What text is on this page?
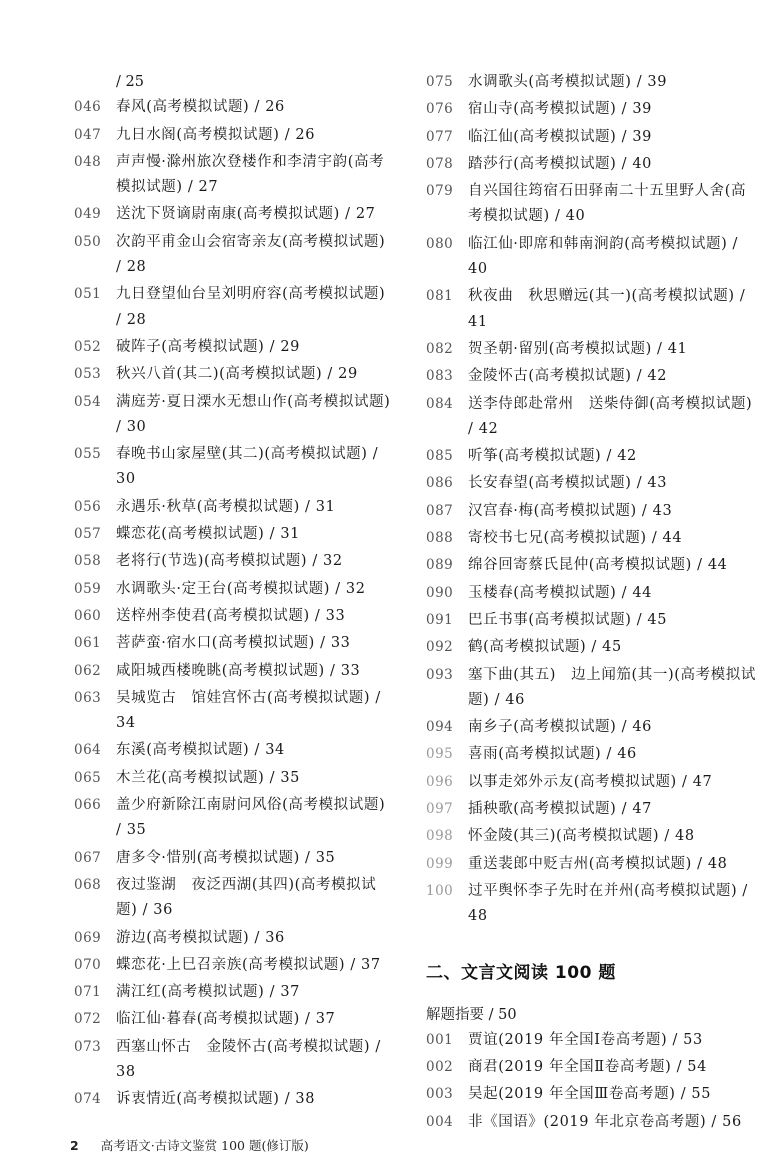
/ 25
046	春风(高考模拟试题) / 26
047	九日水阁(高考模拟试题) / 26
048	声声慢·滁州旅次登楼作和李清宇韵(高考模拟试题) / 27
049	送沈下贤谪尉南康(高考模拟试题) / 27
050	次韵平甫金山会宿寄亲友(高考模拟试题) / 28
051	九日登望仙台呈刘明府容(高考模拟试题) / 28
052	破阵子(高考模拟试题) / 29
053	秋兴八首(其二)(高考模拟试题) / 29
054	满庭芳·夏日溧水无想山作(高考模拟试题) / 30
055	春晚书山家屋壁(其二)(高考模拟试题) / 30
056	永遇乐·秋草(高考模拟试题) / 31
057	蝶恋花(高考模拟试题) / 31
058	老将行(节选)(高考模拟试题) / 32
059	水调歌头·定王台(高考模拟试题) / 32
060	送梓州李使君(高考模拟试题) / 33
061	菩萨蛮·宿水口(高考模拟试题) / 33
062	咸阳城西楼晚眺(高考模拟试题) / 33
063	吴城览古　馆娃宫怀古(高考模拟试题) / 34
064	东溪(高考模拟试题) / 34
065	木兰花(高考模拟试题) / 35
066	盖少府新除江南尉问风俗(高考模拟试题) / 35
067	唐多令·惜别(高考模拟试题) / 35
068	夜过鉴湖　夜泛西湖(其四)(高考模拟试题) / 36
069	游边(高考模拟试题) / 36
070	蝶恋花·上巳召亲族(高考模拟试题) / 37
071	满江红(高考模拟试题) / 37
072	临江仙·暮春(高考模拟试题) / 37
073	西塞山怀古　金陵怀古(高考模拟试题) / 38
074	诉衷情近(高考模拟试题) / 38
075	水调歌头(高考模拟试题) / 39
076	宿山寺(高考模拟试题) / 39
077	临江仙(高考模拟试题) / 39
078	踏莎行(高考模拟试题) / 40
079	自兴国往筠宿石田驿南二十五里野人舍(高考模拟试题) / 40
080	临江仙·即席和韩南涧韵(高考模拟试题) / 40
081	秋夜曲　秋思赠远(其一)(高考模拟试题) / 41
082	贺圣朝·留别(高考模拟试题) / 41
083	金陵怀古(高考模拟试题) / 42
084	送李侍郎赴常州　送柴侍御(高考模拟试题) / 42
085	听筝(高考模拟试题) / 42
086	长安春望(高考模拟试题) / 43
087	汉宫春·梅(高考模拟试题) / 43
088	寄校书七兄(高考模拟试题) / 44
089	绵谷回寄蔡氏昆仲(高考模拟试题) / 44
090	玉楼春(高考模拟试题) / 44
091	巴丘书事(高考模拟试题) / 45
092	鹤(高考模拟试题) / 45
093	塞下曲(其五)　边上闻笳(其一)(高考模拟试题) / 46
094	南乡子(高考模拟试题) / 46
095	喜雨(高考模拟试题) / 46
096	以事走郊外示友(高考模拟试题) / 47
097	插秧歌(高考模拟试题) / 47
098	怀金陵(其三)(高考模拟试题) / 48
099	重送裴郎中贬吉州(高考模拟试题) / 48
100	过平舆怀李子先时在并州(高考模拟试题) / 48
二、文言文阅读 100 题
解题指要 / 50
001	贾谊(2019 年全国Ⅰ卷高考题) / 53
002	商君(2019 年全国Ⅱ卷高考题) / 54
003	吴起(2019 年全国Ⅲ卷高考题) / 55
004	非《国语》(2019 年北京卷高考题) / 56
2 高考语文·古诗文鉴赏 100 题(修订版)
